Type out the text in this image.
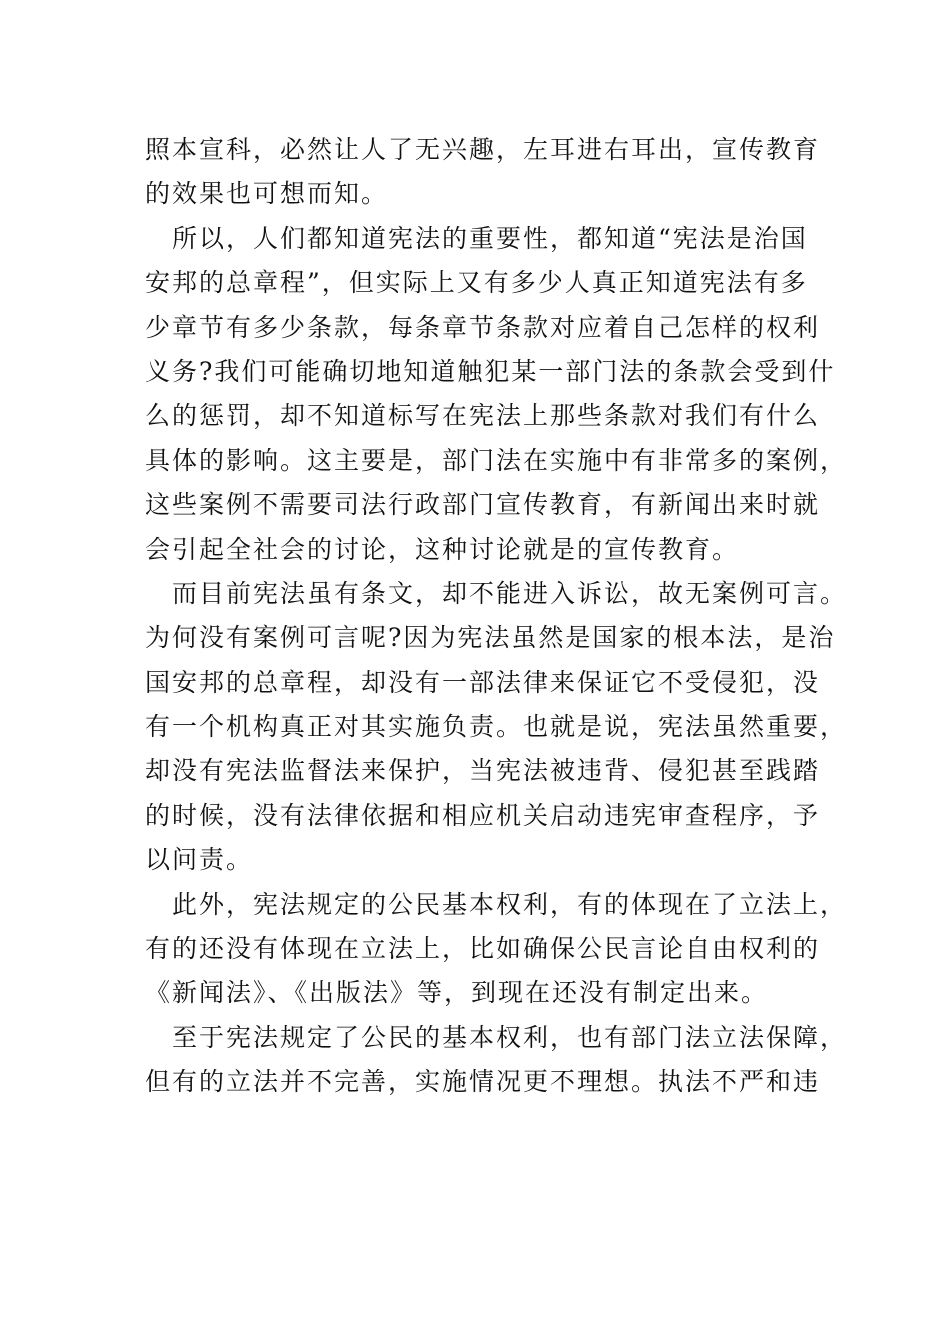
照本宣科，必然让人了无兴趣，左耳进右耳出，宣传教育
的效果也可想而知。
　所以，人们都知道宪法的重要性，都知道“宪法是治国
安邦的总章程”，但实际上又有多少人真正知道宪法有多
少章节有多少条款，每条章节条款对应着自己怎样的权利
义务?我们可能确切地知道触犯某一部门法的条款会受到什
么的惩罚，却不知道标写在宪法上那些条款对我们有什么
具体的影响。这主要是，部门法在实施中有非常多的案例，
这些案例不需要司法行政部门宣传教育，有新闻出来时就
会引起全社会的讨论，这种讨论就是的宣传教育。
　而目前宪法虽有条文，却不能进入诉讼，故无案例可言。
为何没有案例可言呢?因为宪法虽然是国家的根本法，是治
国安邦的总章程，却没有一部法律来保证它不受侵犯，没
有一个机构真正对其实施负责。也就是说，宪法虽然重要，
却没有宪法监督法来保护，当宪法被违背、侵犯甚至践踏
的时候，没有法律依据和相应机关启动违宪审查程序，予
以问责。
　此外，宪法规定的公民基本权利，有的体现在了立法上，
有的还没有体现在立法上，比如确保公民言论自由权利的
《新闻法》、《出版法》等，到现在还没有制定出来。
　至于宪法规定了公民的基本权利，也有部门法立法保障，
但有的立法并不完善，实施情况更不理想。执法不严和违
